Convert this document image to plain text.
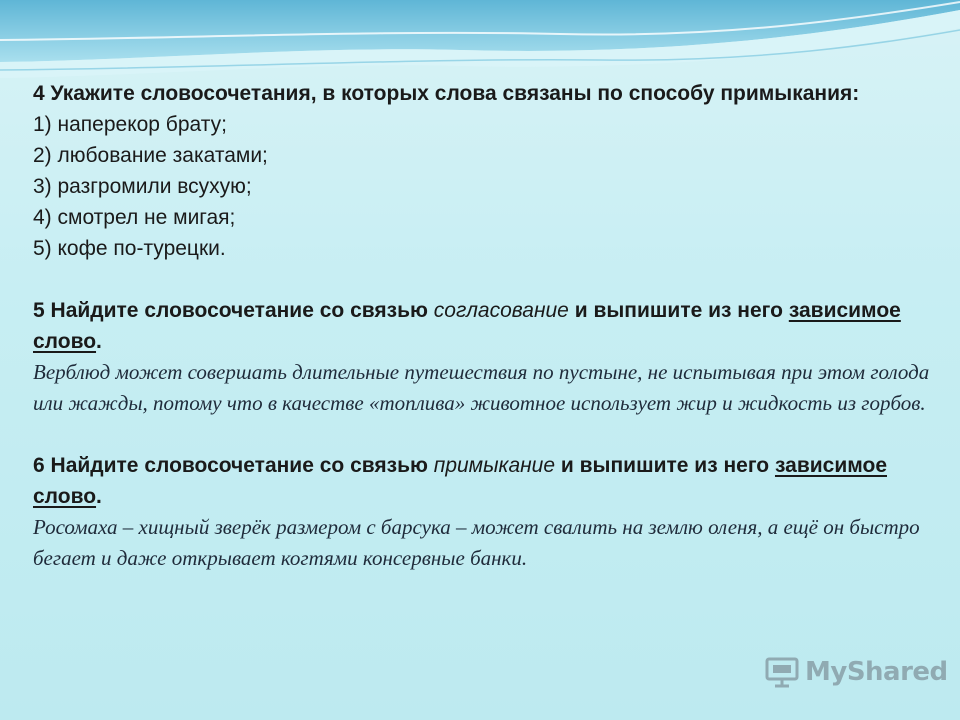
4 Укажите словосочетания, в которых слова связаны по способу примыкания:
1) наперекор брату;
2) любование закатами;
3) разгромили всухую;
4) смотрел не мигая;
5) кофе по-турецки.
5 Найдите словосочетание со связью согласование и выпишите из него зависимое слово.
Верблюд может совершать длительные путешествия по пустыне, не испытывая при этом голода или жажды, потому что в качестве «топлива» животное использует жир и жидкость из горбов.
6 Найдите словосочетание со связью примыкание и выпишите из него зависимое слово.
Росомаха – хищный зверёк размером с барсука – может свалить на землю оленя, а ещё он быстро бегает и даже открывает когтями консервные банки.
MyShared
